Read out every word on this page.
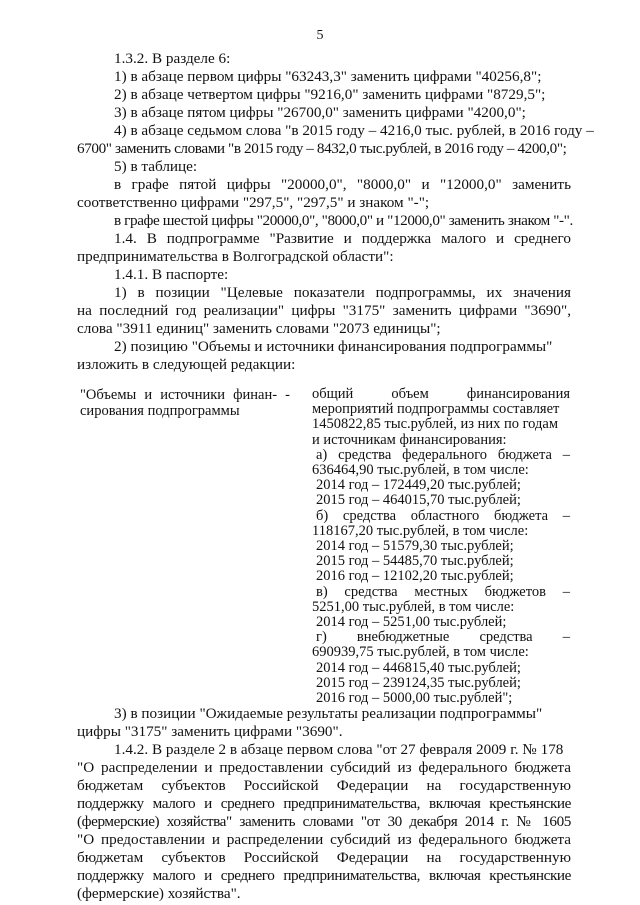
5
1.3.2. В разделе 6:
1) в абзаце первом цифры "63243,3" заменить цифрами "40256,8";
2) в абзаце четвертом цифры "9216,0" заменить цифрами "8729,5";
3) в абзаце пятом цифры "26700,0" заменить цифрами "4200,0";
4) в абзаце седьмом слова "в 2015 году – 4216,0 тыс. рублей, в 2016 году –
6700" заменить словами "в 2015 году – 8432,0 тыс.рублей, в 2016 году – 4200,0";
5) в таблице:
в графе пятой цифры "20000,0", "8000,0" и "12000,0" заменить
соответственно цифрами "297,5", "297,5" и знаком "-";
в графе шестой цифры "20000,0", "8000,0" и "12000,0" заменить знаком "-".
1.4. В подпрограмме "Развитие и поддержка малого и среднего
предпринимательства в Волгоградской области":
1.4.1. В паспорте:
1) в позиции "Целевые показатели подпрограммы, их значения
на последний год реализации" цифры "3175" заменить цифрами "3690",
слова "3911 единиц" заменить словами "2073 единицы";
2) позицию "Объемы и источники финансирования подпрограммы"
изложить в следующей редакции:
"Объемы и источники финан- -
сирования подпрограммы
общий объем финансирования
мероприятий подпрограммы составляет
1450822,85 тыс.рублей, из них по годам
и источникам финансирования:
а) средства федерального бюджета –
636464,90 тыс.рублей, в том числе:
2014 год – 172449,20 тыс.рублей;
2015 год – 464015,70 тыс.рублей;
б) средства областного бюджета –
118167,20 тыс.рублей, в том числе:
2014 год – 51579,30 тыс.рублей;
2015 год – 54485,70 тыс.рублей;
2016 год – 12102,20 тыс.рублей;
в) средства местных бюджетов –
5251,00 тыс.рублей, в том числе:
2014 год – 5251,00 тыс.рублей;
г) внебюджетные средства –
690939,75 тыс.рублей, в том числе:
2014 год – 446815,40 тыс.рублей;
2015 год – 239124,35 тыс.рублей;
2016 год – 5000,00 тыс.рублей";
3) в позиции "Ожидаемые результаты реализации подпрограммы"
цифры "3175" заменить цифрами "3690".
1.4.2. В разделе 2 в абзаце первом слова "от 27 февраля 2009 г. № 178
"О распределении и предоставлении субсидий из федерального бюджета
бюджетам субъектов Российской Федерации на государственную
поддержку малого и среднего предпринимательства, включая крестьянские
(фермерские) хозяйства" заменить словами "от 30 декабря 2014 г. № 1605
"О предоставлении и распределении субсидий из федерального бюджета
бюджетам субъектов Российской Федерации на государственную
поддержку малого и среднего предпринимательства, включая крестьянские
(фермерские) хозяйства".
